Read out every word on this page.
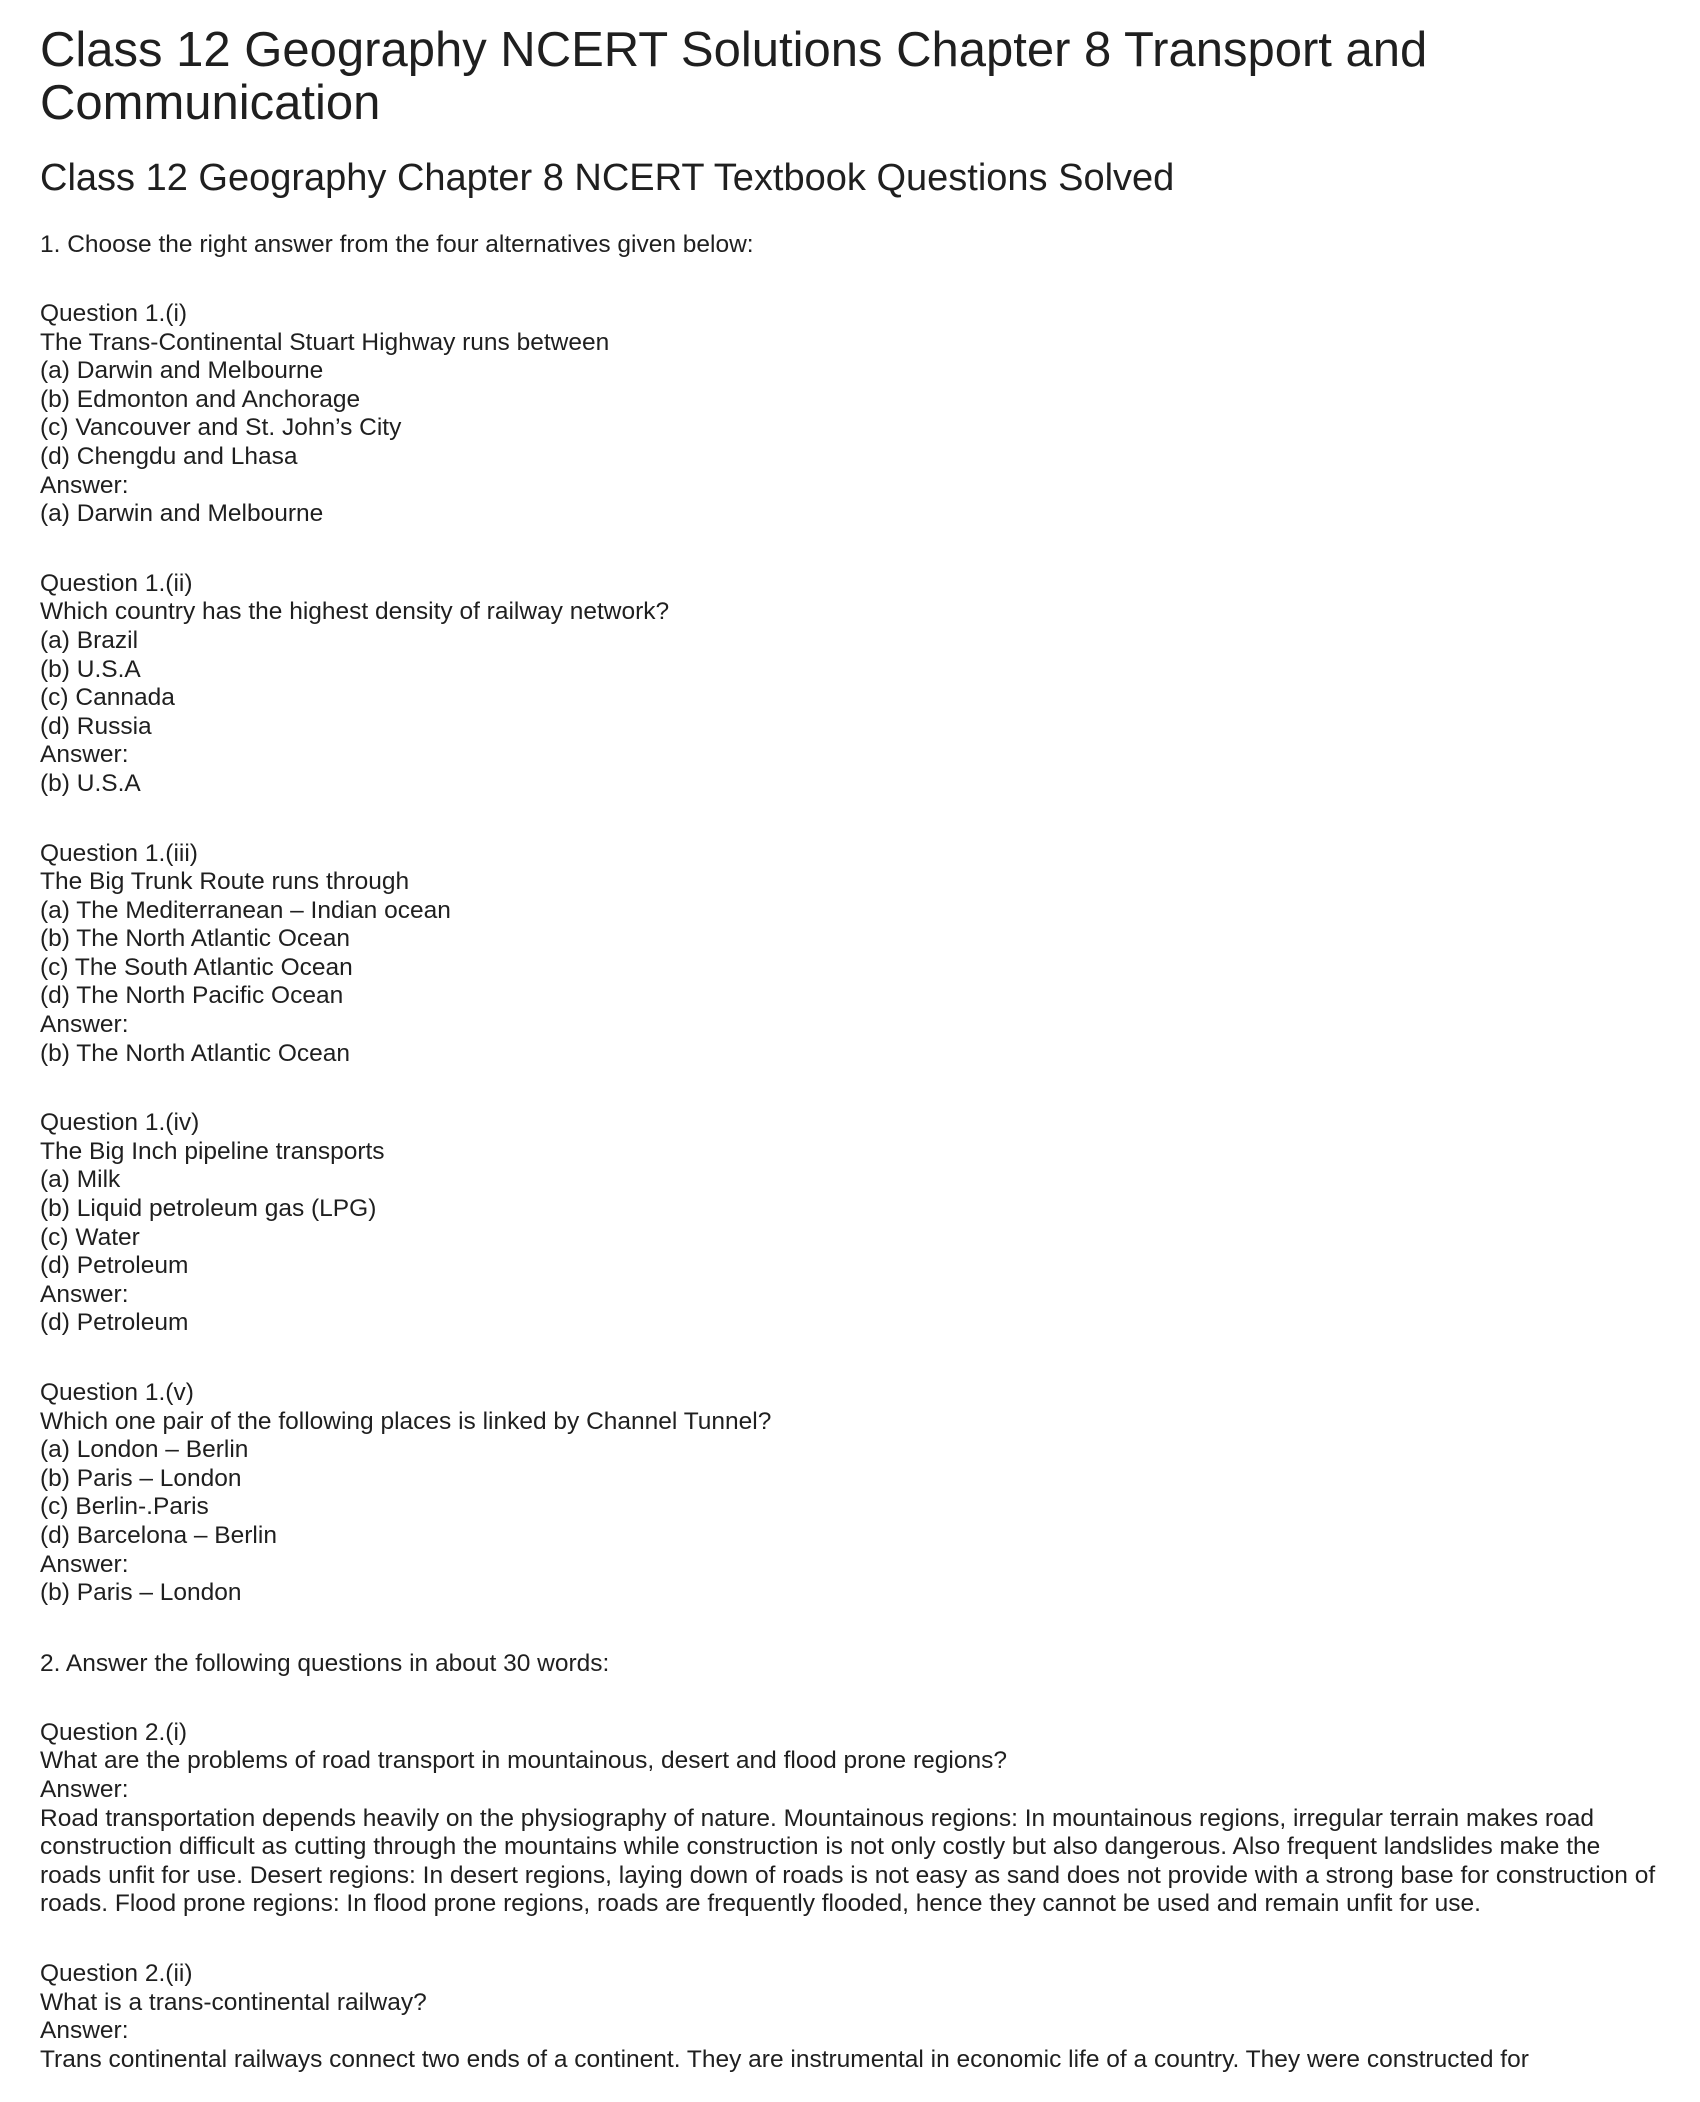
Class 12 Geography NCERT Solutions Chapter 8 Transport and Communication
Class 12 Geography Chapter 8 NCERT Textbook Questions Solved

1. Choose the right answer from the four alternatives given below:

Question 1.(i)

The Trans-Continental Stuart Highway runs between

(a) Darwin and Melbourne

(b) Edmonton and Anchorage

(c) Vancouver and St. John’s City

(d) Chengdu and Lhasa

Answer:

(a) Darwin and Melbourne

Question 1.(ii)

Which country has the highest density of railway network?

(a) Brazil

(b) U.S.A

(c) Cannada

(d) Russia

Answer:

(b) U.S.A

Question 1.(iii)

The Big Trunk Route runs through

(a) The Mediterranean – Indian ocean

(b) The North Atlantic Ocean

(c) The South Atlantic Ocean

(d) The North Pacific Ocean

Answer:

(b) The North Atlantic Ocean

Question 1.(iv)

The Big Inch pipeline transports

(a) Milk

(b) Liquid petroleum gas (LPG)

(c) Water

(d) Petroleum

Answer:

(d) Petroleum

Question 1.(v)

Which one pair of the following places is linked by Channel Tunnel?

(a) London – Berlin

(b) Paris – London

(c) Berlin-.Paris

(d) Barcelona – Berlin

Answer:

(b) Paris – London

2. Answer the following questions in about 30 words:

Question 2.(i)

What are the problems of road transport in mountainous, desert and flood prone regions?

Answer:

Road transportation depends heavily on the physiography of nature. Mountainous regions: In mountainous regions, irregular terrain makes road construction difficult as cutting through the mountains while construction is not only costly but also dangerous. Also frequent landslides make the roads unfit for use. Desert regions: In desert regions, laying down of roads is not easy as sand does not provide with a strong base for construction of roads. Flood prone regions: In flood prone regions, roads are frequently flooded, hence they cannot be used and remain unfit for use.

Question 2.(ii)

What is a trans-continental railway?

Answer:

Trans continental railways connect two ends of a continent. They are instrumental in economic life of a country. They were constructed for
